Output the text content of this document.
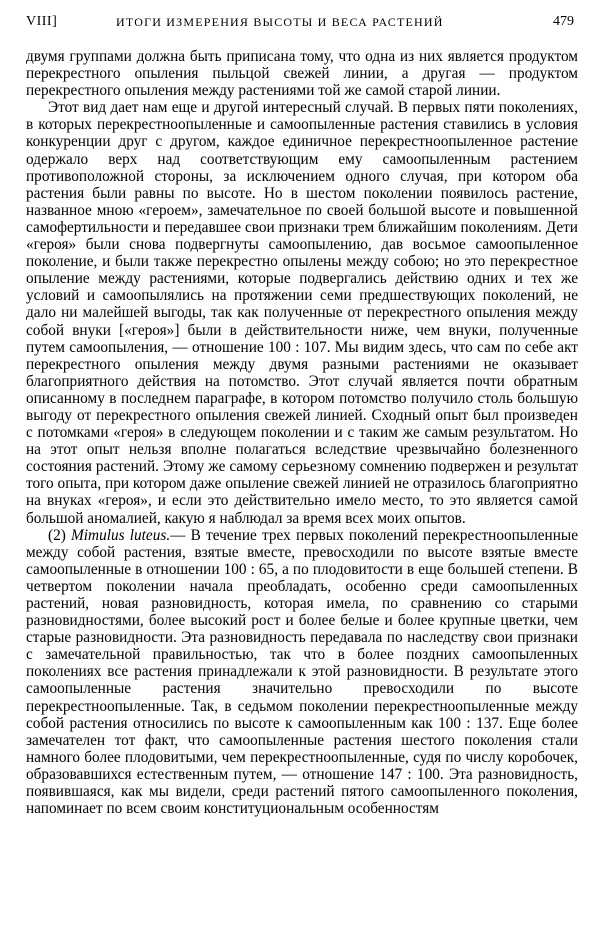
VIII]	ИТОГИ ИЗМЕРЕНИЯ ВЫСОТЫ И ВЕСА РАСТЕНИЙ	479

двумя группами должна быть приписана тому, что одна из них является продуктом перекрестного опыления пыльцой свежей линии, а другая — продуктом перекрестного опыления между растениями той же самой старой линии.

Этот вид дает нам еще и другой интересный случай. В первых пяти поколениях, в которых перекрестноопыленные и самоопыленные растения ставились в условия конкуренции друг с другом, каждое единичное перекрестноопыленное растение одержало верх над соответствующим ему самоопыленным растением противоположной стороны, за исключением одного случая, при котором оба растения были равны по высоте. Но в шестом поколении появилось растение, названное мною «героем», замечательное по своей большой высоте и повышенной самофертильности и передавшее свои признаки трем ближайшим поколениям. Дети «героя» были снова подвергнуты самоопылению, дав восьмое самоопыленное поколение, и были также перекрестно опылены между собою; но это перекрестное опыление между растениями, которые подвергались действию одних и тех же условий и самоопылялись на протяжении семи предшествующих поколений, не дало ни малейшей выгоды, так как полученные от перекрестного опыления между собой внуки [«героя»] были в действительности ниже, чем внуки, полученные путем самоопыления, — отношение 100 : 107. Мы видим здесь, что сам по себе акт перекрестного опыления между двумя разными растениями не оказывает благоприятного действия на потомство. Этот случай является почти обратным описанному в последнем параграфе, в котором потомство получило столь большую выгоду от перекрестного опыления свежей линией. Сходный опыт был произведен с потомками «героя» в следующем поколении и с таким же самым результатом. Но на этот опыт нельзя вполне полагаться вследствие чрезвычайно болезненного состояния растений. Этому же самому серьезному сомнению подвержен и результат того опыта, при котором даже опыление свежей линией не отразилось благоприятно на внуках «героя», и если это действительно имело место, то это является самой большой аномалией, какую я наблюдал за время всех моих опытов.

(2) Mimulus luteus.— В течение трех первых поколений перекрестноопыленные между собой растения, взятые вместе, превосходили по высоте взятые вместе самоопыленные в отношении 100 : 65, а по плодовитости в еще большей степени. В четвертом поколении начала преобладать, особенно среди самоопыленных растений, новая разновидность, которая имела, по сравнению со старыми разновидностями, более высокий рост и более белые и более крупные цветки, чем старые разновидности. Эта разновидность передавала по наследству свои признаки с замечательной правильностью, так что в более поздних самоопыленных поколениях все растения принадлежали к этой разновидности. В результате этого самоопыленные растения значительно превосходили по высоте перекрестноопыленные. Так, в седьмом поколении перекрестноопыленные между собой растения относились по высоте к самоопыленным как 100 : 137. Еще более замечателен тот факт, что самоопыленные растения шестого поколения стали намного более плодовитыми, чем перекрестноопыленные, судя по числу коробочек, образовавшихся естественным путем, — отношение 147 : 100. Эта разновидность, появившаяся, как мы видели, среди растений пятого самоопыленного поколения, напоминает по всем своим конституциональным особенностям
